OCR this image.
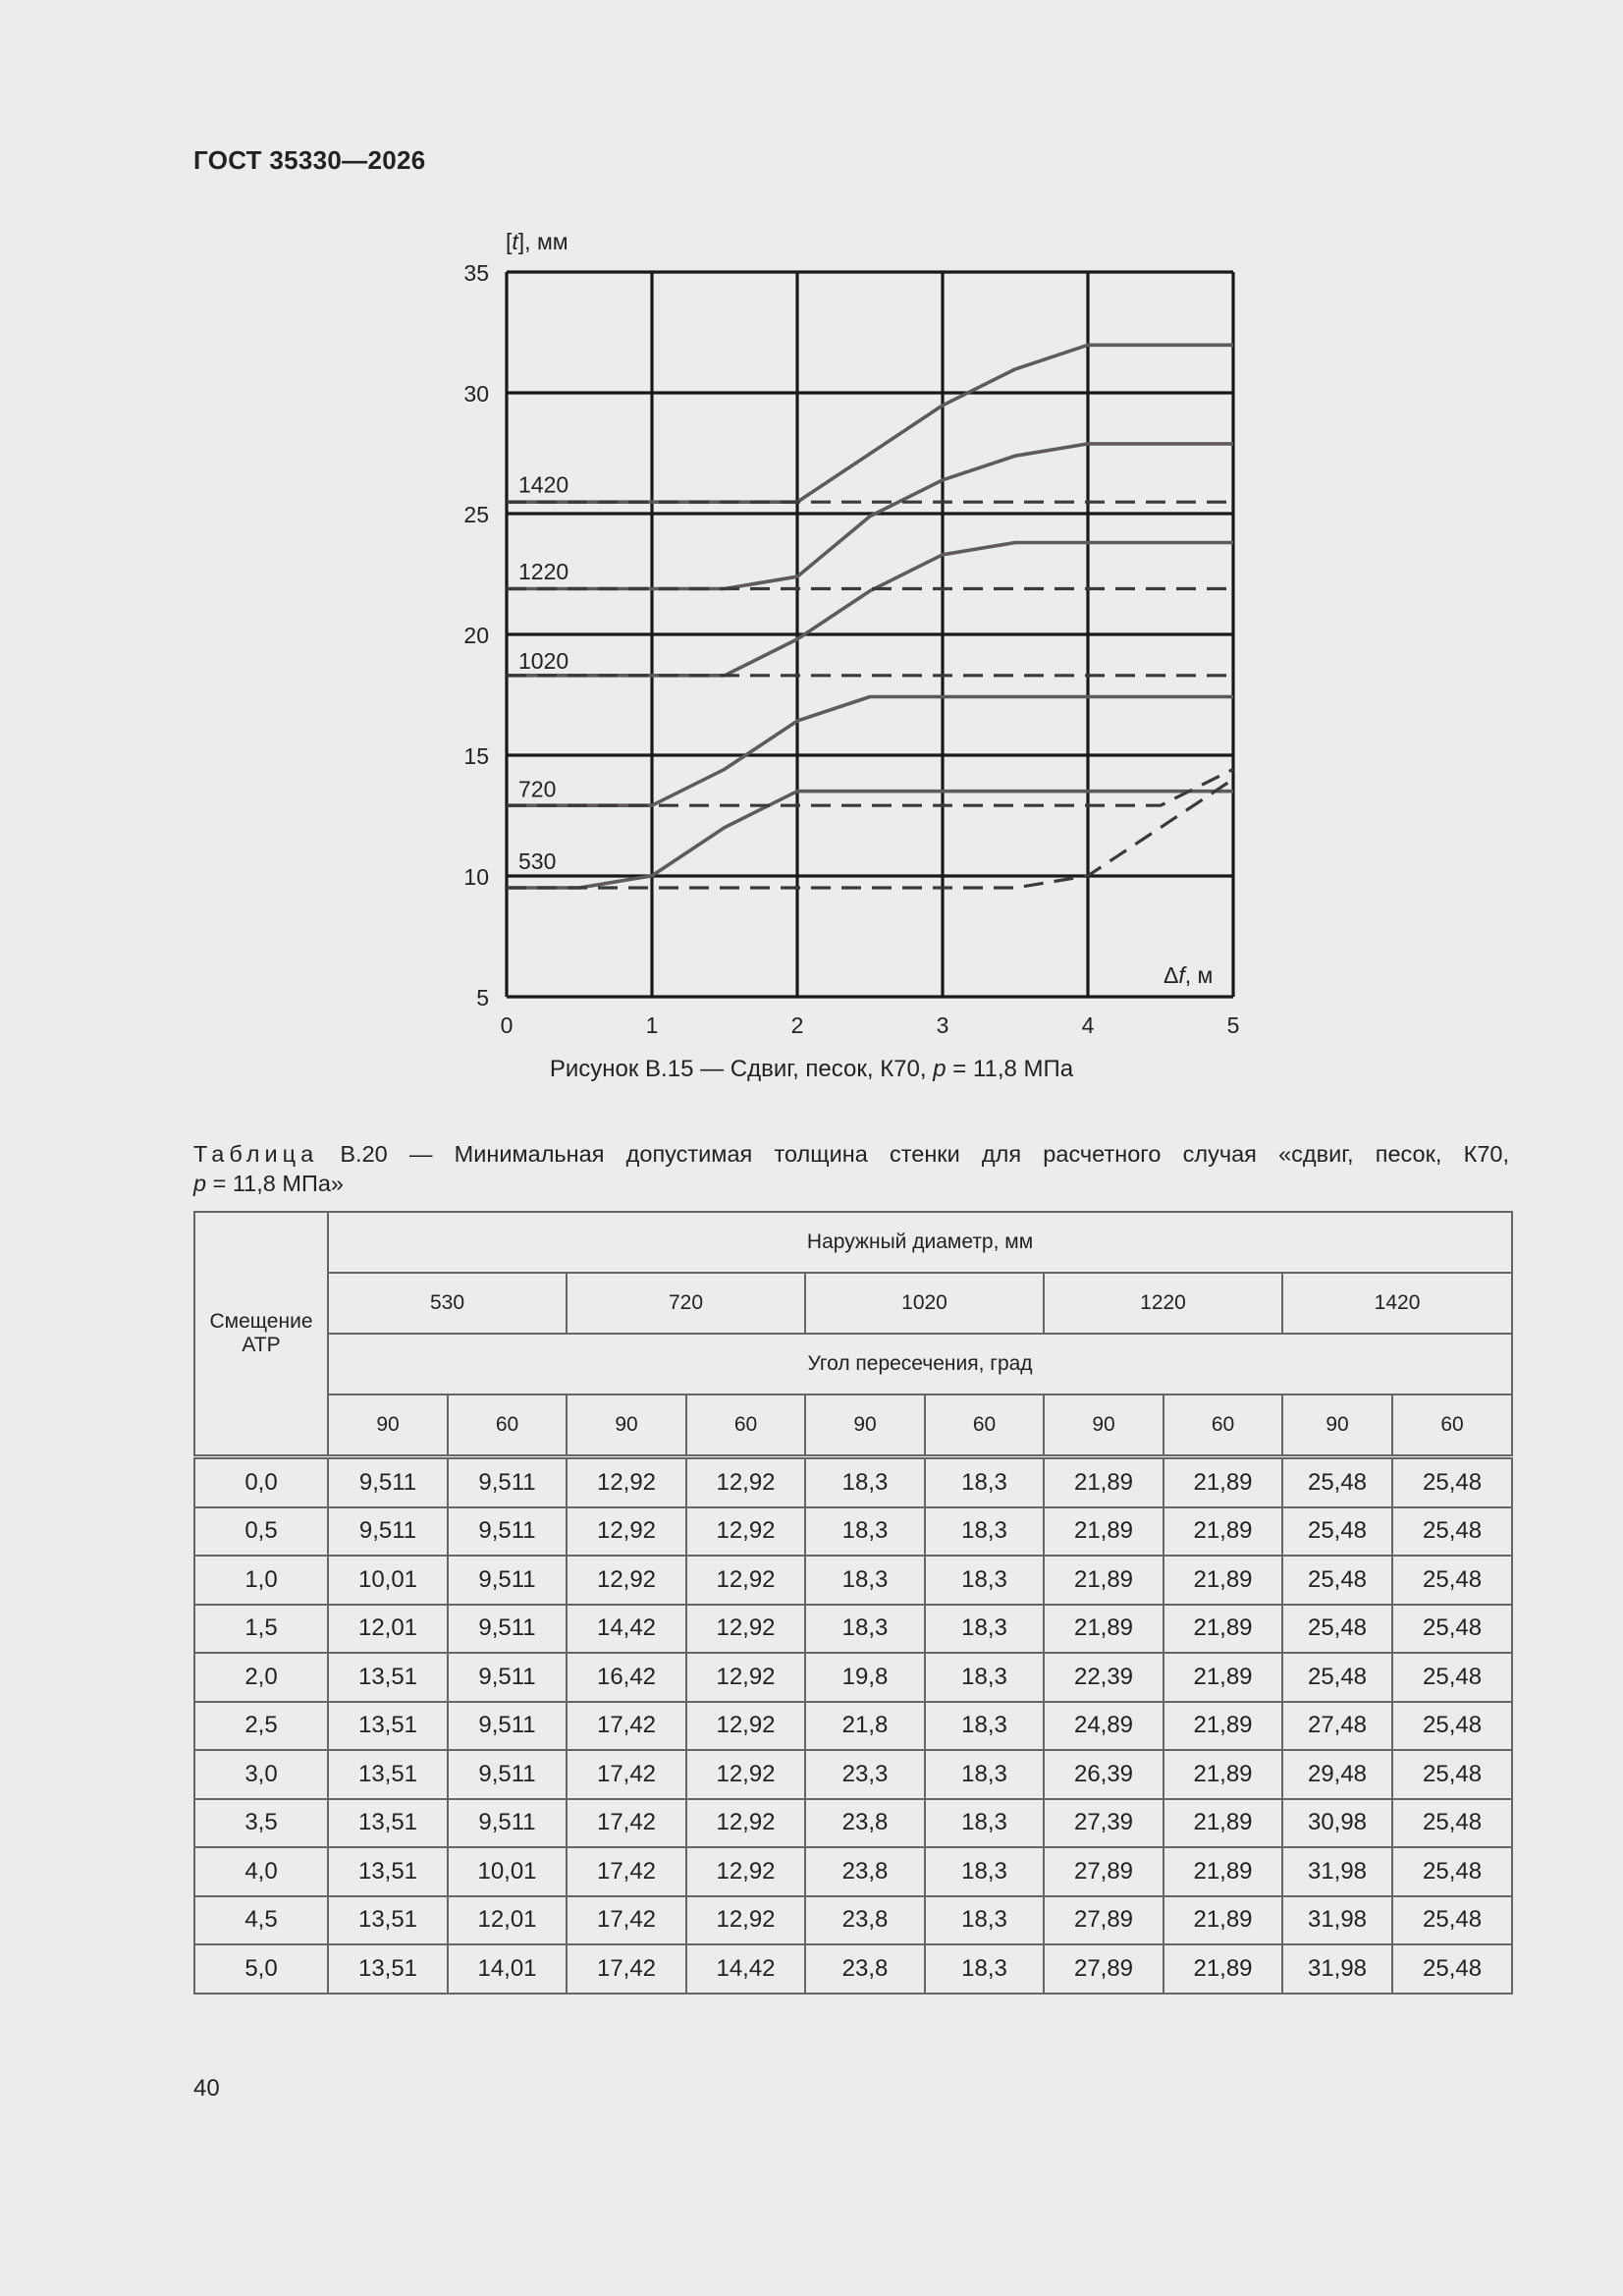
ГОСТ 35330—2026
0	1	2	3	4	5
5
10
15
20
25
30
35
1420
1220
1020
720
530
[t], мм
Δf, м
Рисунок В.15 — Сдвиг, песок, К70, p = 11,8 МПа
Таблица В.20 — Минимальная допустимая толщина стенки для расчетного случая «сдвиг, песок, К70,
p = 11,8 МПа»
Смещение АТР	Наружный диаметр, мм									
	530		720		1020		1220		1420	
	Угол пересечения, град									
	90	60	90	60	90	60	90	60	90	60
0,0	9,511	9,511	12,92	12,92	18,3	18,3	21,89	21,89	25,48	25,48
0,5	9,511	9,511	12,92	12,92	18,3	18,3	21,89	21,89	25,48	25,48
1,0	10,01	9,511	12,92	12,92	18,3	18,3	21,89	21,89	25,48	25,48
1,5	12,01	9,511	14,42	12,92	18,3	18,3	21,89	21,89	25,48	25,48
2,0	13,51	9,511	16,42	12,92	19,8	18,3	22,39	21,89	25,48	25,48
2,5	13,51	9,511	17,42	12,92	21,8	18,3	24,89	21,89	27,48	25,48
3,0	13,51	9,511	17,42	12,92	23,3	18,3	26,39	21,89	29,48	25,48
3,5	13,51	9,511	17,42	12,92	23,8	18,3	27,39	21,89	30,98	25,48
4,0	13,51	10,01	17,42	12,92	23,8	18,3	27,89	21,89	31,98	25,48
4,5	13,51	12,01	17,42	12,92	23,8	18,3	27,89	21,89	31,98	25,48
5,0	13,51	14,01	17,42	14,42	23,8	18,3	27,89	21,89	31,98	25,48
40
